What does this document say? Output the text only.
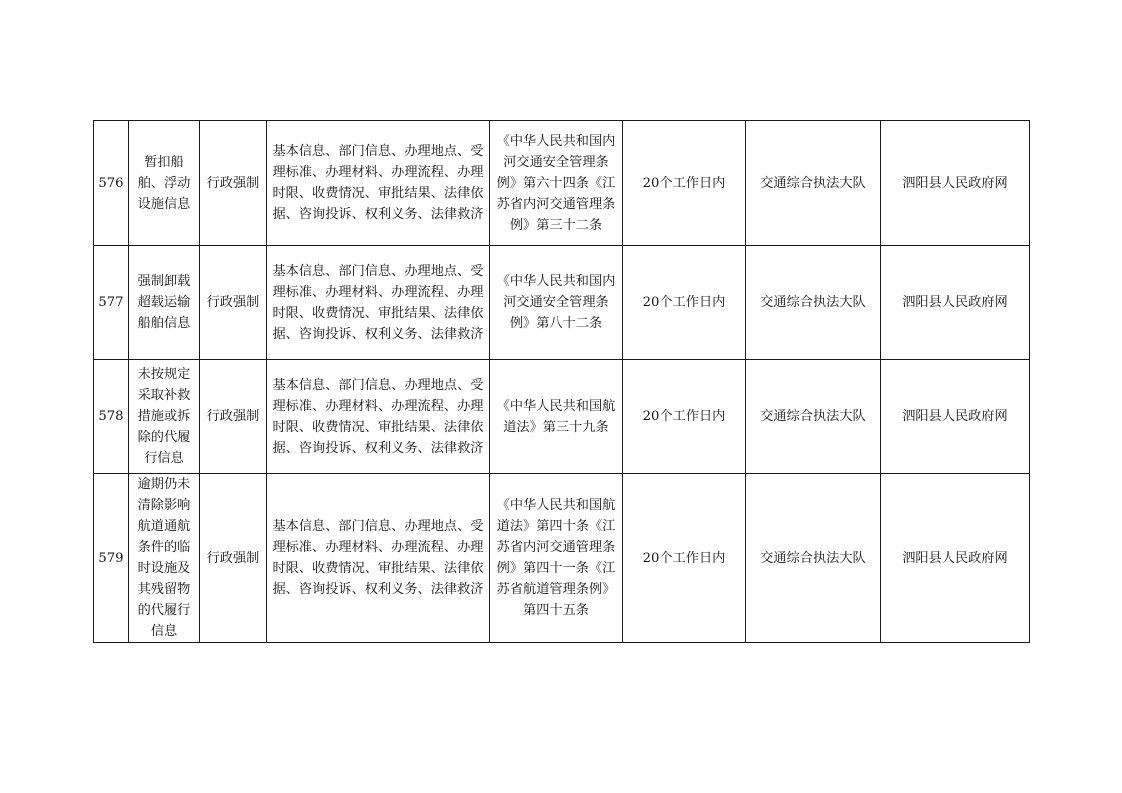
576	暂扣船舶、浮动设施信息	行政强制	基本信息、部门信息、办理地点、受理标准、办理材料、办理流程、办理时限、收费情况、审批结果、法律依据、咨询投诉、权利义务、法律救济	《中华人民共和国内河交通安全管理条例》第六十四条《江苏省内河交通管理条例》第三十二条	20个工作日内	交通综合执法大队	泗阳县人民政府网
577	强制卸载超载运输船舶信息	行政强制	基本信息、部门信息、办理地点、受理标准、办理材料、办理流程、办理时限、收费情况、审批结果、法律依据、咨询投诉、权利义务、法律救济	《中华人民共和国内河交通安全管理条例》第八十二条	20个工作日内	交通综合执法大队	泗阳县人民政府网
578	未按规定采取补救措施或拆除的代履行信息	行政强制	基本信息、部门信息、办理地点、受理标准、办理材料、办理流程、办理时限、收费情况、审批结果、法律依据、咨询投诉、权利义务、法律救济	《中华人民共和国航道法》第三十九条	20个工作日内	交通综合执法大队	泗阳县人民政府网
579	逾期仍未清除影响航道通航条件的临时设施及其残留物的代履行信息	行政强制	基本信息、部门信息、办理地点、受理标准、办理材料、办理流程、办理时限、收费情况、审批结果、法律依据、咨询投诉、权利义务、法律救济	《中华人民共和国航道法》第四十条《江苏省内河交通管理条例》第四十一条《江苏省航道管理条例》第四十五条	20个工作日内	交通综合执法大队	泗阳县人民政府网
